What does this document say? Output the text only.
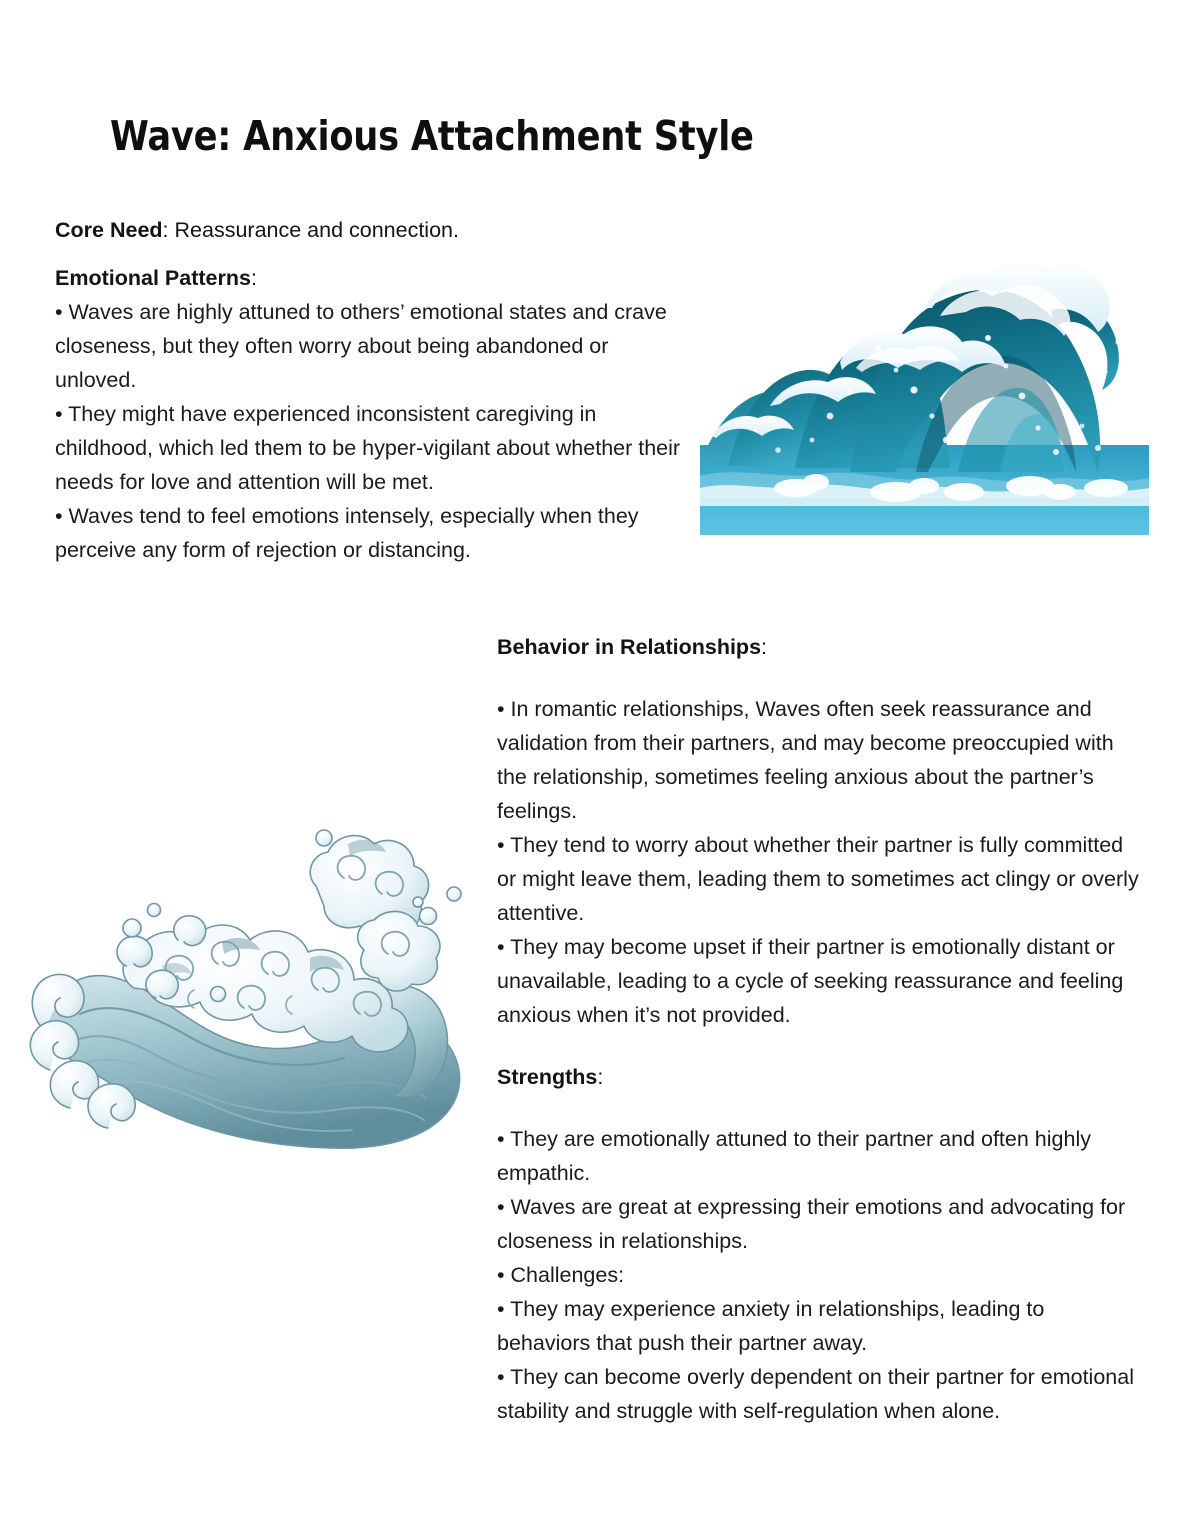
Wave: Anxious Attachment Style

Core Need: Reassurance and connection.

Emotional Patterns:

• Waves are highly attuned to others’ emotional states and crave closeness, but they often worry about being abandoned or unloved.

• They might have experienced inconsistent caregiving in childhood, which led them to be hyper-vigilant about whether their needs for love and attention will be met.

• Waves tend to feel emotions intensely, especially when they perceive any form of rejection or distancing.

Behavior in Relationships:

• In romantic relationships, Waves often seek reassurance and validation from their partners, and may become preoccupied with the relationship, sometimes feeling anxious about the partner’s feelings.

• They tend to worry about whether their partner is fully committed or might leave them, leading them to sometimes act clingy or overly attentive.

• They may become upset if their partner is emotionally distant or unavailable, leading to a cycle of seeking reassurance and feeling anxious when it’s not provided.

Strengths:

• They are emotionally attuned to their partner and often highly empathic.

• Waves are great at expressing their emotions and advocating for closeness in relationships.

• Challenges:

• They may experience anxiety in relationships, leading to behaviors that push their partner away.

• They can become overly dependent on their partner for emotional stability and struggle with self-regulation when alone.
